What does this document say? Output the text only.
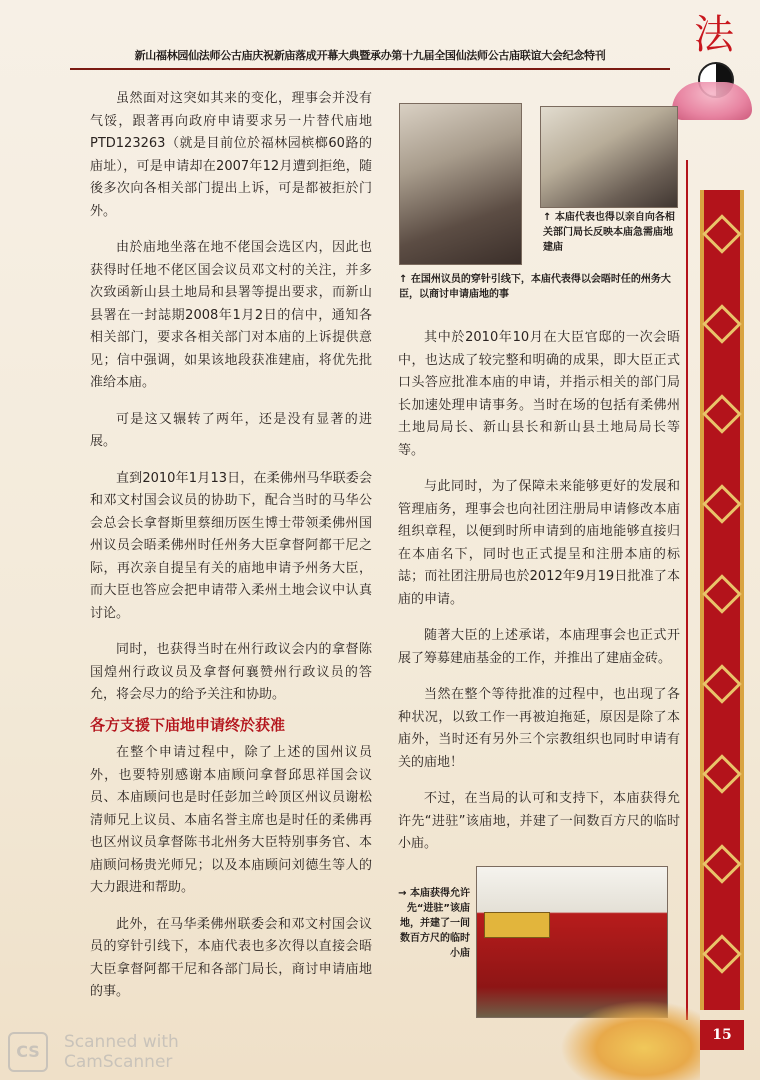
新山福林园仙法师公古庙庆祝新庙落成开幕大典暨承办第十九届全国仙法师公古庙联谊大会纪念特刊	法

虽然面对这突如其来的变化，理事会并没有气馁，跟著再向政府申请要求另一片替代庙地PTD123263（就是目前位於福林园槟榔60路的庙址），可是申请却在2007年12月遭到拒绝，随後多次向各相关部门提出上诉，可是都被拒於门外。

由於庙地坐落在地不佬国会选区内，因此也获得时任地不佬区国会议员邓文村的关注，并多次致函新山县土地局和县署等提出要求，而新山县署在一封誌期2008年1月2日的信中，通知各相关部门，要求各相关部门对本庙的上诉提供意见；信中强调，如果该地段获准建庙，将优先批准给本庙。

可是这又辗转了两年，还是没有显著的进展。

直到2010年1月13日，在柔佛州马华联委会和邓文村国会议员的协助下，配合当时的马华公会总会长拿督斯里蔡细历医生博士带领柔佛州国州议员会晤柔佛州时任州务大臣拿督阿都干尼之际，再次亲自提呈有关的庙地申请予州务大臣，而大臣也答应会把申请带入柔州土地会议中认真讨论。

同时，也获得当时在州行政议会内的拿督陈国煌州行政议员及拿督何襄赞州行政议员的答允，将会尽力的给予关注和协助。

各方支援下庙地申请终於获准

在整个申请过程中，除了上述的国州议员外，也要特别感谢本庙顾问拿督邱思祥国会议员、本庙顾问也是时任彭加兰岭顶区州议员谢松清师兄上议员、本庙名誉主席也是时任的柔佛再也区州议员拿督陈书北州务大臣特别事务官、本庙顾问杨贵光师兄；以及本庙顾问刘德生等人的大力跟进和帮助。

此外，在马华柔佛州联委会和邓文村国会议员的穿针引线下，本庙代表也多次得以直接会晤大臣拿督阿都干尼和各部门局长，商讨申请庙地的事。

↑ 在国州议员的穿针引线下，本庙代表得以会晤时任的州务大臣，以商讨申请庙地的事
↑ 本庙代表也得以亲自向各相关部门局长反映本庙急需庙地建庙

其中於2010年10月在大臣官邸的一次会晤中，也达成了较完整和明确的成果，即大臣正式口头答应批准本庙的申请，并指示相关的部门局长加速处理申请事务。当时在场的包括有柔佛州土地局局长、新山县长和新山县土地局局长等等。

与此同时，为了保障未来能够更好的发展和管理庙务，理事会也向社团注册局申请修改本庙组织章程，以便到时所申请到的庙地能够直接归在本庙名下，同时也正式提呈和注册本庙的标誌；而社团注册局也於2012年9月19日批准了本庙的申请。

随著大臣的上述承诺，本庙理事会也正式开展了筹募建庙基金的工作，并推出了建庙金砖。

当然在整个等待批准的过程中，也出现了各种状况，以致工作一再被迫拖延，原因是除了本庙外，当时还有另外三个宗教组织也同时申请有关的庙地！

不过，在当局的认可和支持下，本庙获得允许先“进驻”该庙地，并建了一间数百方尺的临时小庙。

→ 本庙获得允许先“进驻”该庙地，并建了一间数百方尺的临时小庙
15
CS	Scanned with
CamScanner
